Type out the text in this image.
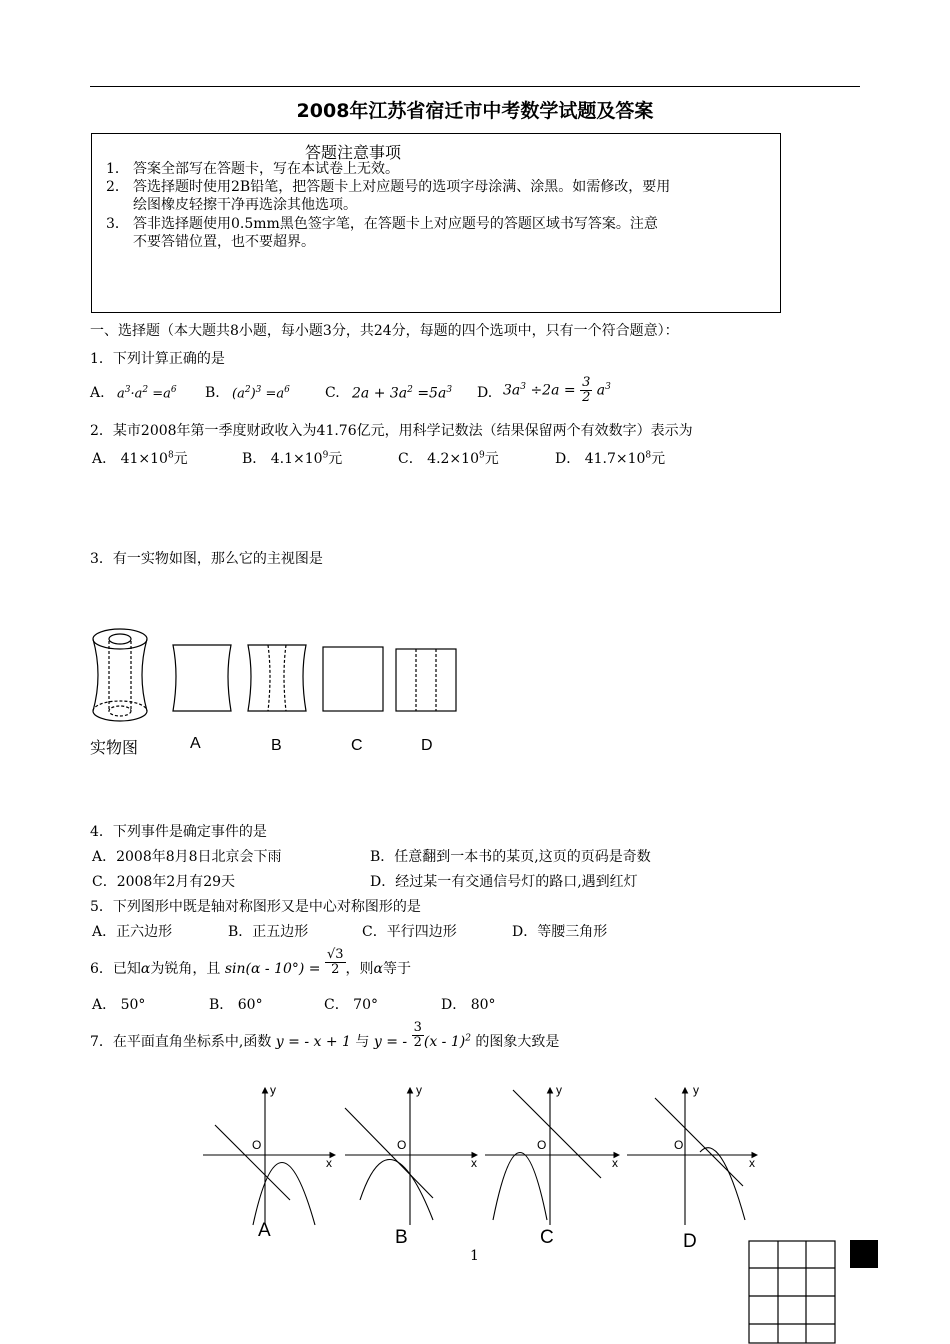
2008年江苏省宿迁市中考数学试题及答案
答题注意事项
1． 答案全部写在答题卡，写在本试卷上无效。
2． 答选择题时使用2B铅笔，把答题卡上对应题号的选项字母涂满、涂黑。如需修改，要用
绘图橡皮轻擦干净再选涂其他选项。
3． 答非选择题使用0.5mm黑色签字笔，在答题卡上对应题号的答题区域书写答案。注意
不要答错位置，也不要超界。
一、选择题（本大题共8小题，每小题3分，共24分，每题的四个选项中，只有一个符合题意）：
1．下列计算正确的是
A. $a^3\cdot a^2 =a^6$ B. $(a^2)^3 =a^6$	C. $2a + 3a^2 =5a^3$ D. $3a^3 \div 2a = \frac{3}{2} a^3$
2．某市2008年第一季度财政收入为41.76亿元，用科学记数法（结果保留两个有效数字）表示为
A． $41\times 10^8$元	B． $4.1\times 10^9$元	C． $4.2\times 10^9$元	D． $41.7\times 10^8$元
3．有一实物如图，那么它的主视图是
实物图	A	B	C	D
4．下列事件是确定事件的是
A．2008年8月8日北京会下雨	B．任意翻到一本书的某页,这页的页码是奇数
C．2008年2月有29天	D．经过某一有交通信号灯的路口,遇到红灯
5．下列图形中既是轴对称图形又是中心对称图形的是
A．正六边形	B．正五边形	C．平行四边形	D．等腰三角形
6．已知α为锐角，且 $\sin(\alpha - 10^\circ) = \frac{√3}{2}$ ，则α等于
A． 50°	B． 60°	C． 70°	D． 80°
7．在平面直角坐标系中,函数 y = - x + 1 与 y = - $\frac{3}{2} (x - 1)^2$ 的图象大致是
y
x
O
y
x
O
y
x
O
y
x
O
A	B	C	D
1
